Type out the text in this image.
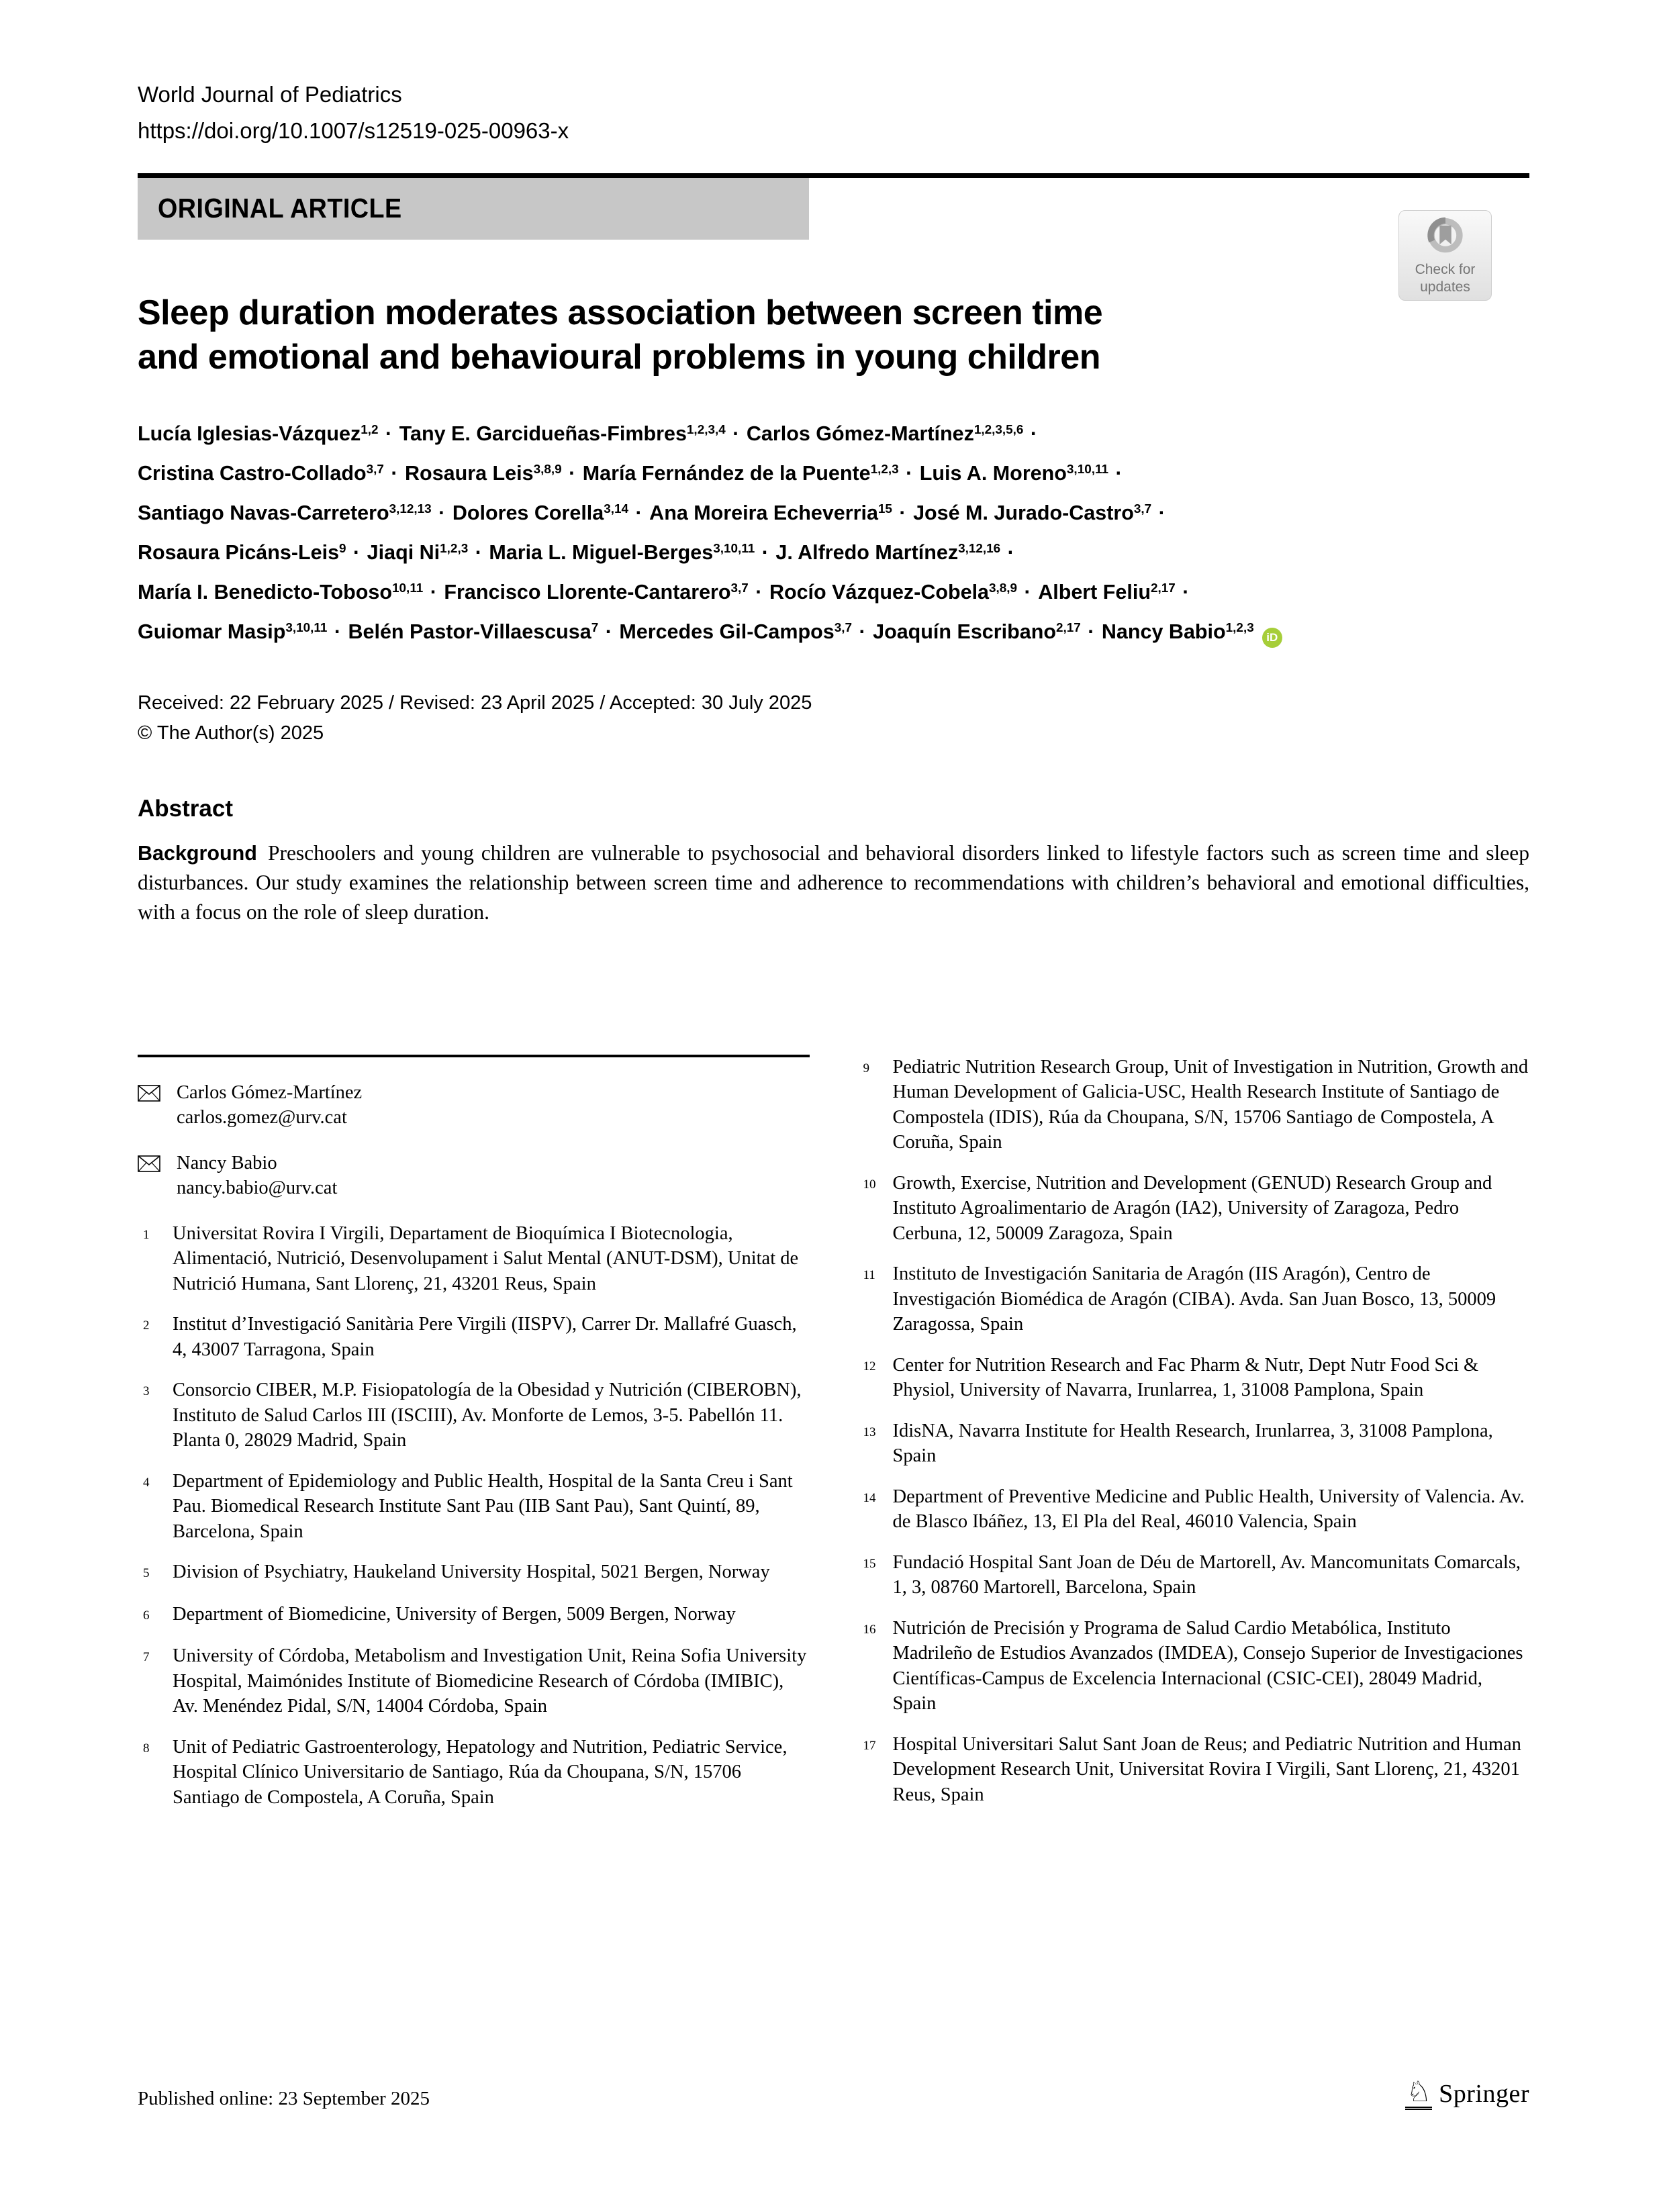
World Journal of Pediatrics
https://doi.org/10.1007/s12519-025-00963-x
ORIGINAL ARTICLE
Check for
updates
Sleep duration moderates association between screen time
and emotional and behavioural problems in young children
Lucía Iglesias-Vázquez$^{1,2}$ · Tany E. Garcidueñas-Fimbres$^{1,2,3,4}$ · Carlos Gómez-Martínez$^{1,2,3,5,6}$ ·
Cristina Castro-Collado$^{3,7}$ · Rosaura Leis$^{3,8,9}$ · María Fernández de la Puente$^{1,2,3}$ · Luis A. Moreno$^{3,10,11}$ ·
Santiago Navas-Carretero$^{3,12,13}$ · Dolores Corella$^{3,14}$ · Ana Moreira Echeverria$^{15}$ · José M. Jurado-Castro$^{3,7}$ ·
Rosaura Picáns-Leis$^9$ · Jiaqi Ni$^{1,2,3}$ · Maria L. Miguel-Berges$^{3,10,11}$ · J. Alfredo Martínez$^{3,12,16}$ ·
María I. Benedicto-Toboso$^{10,11}$ · Francisco Llorente-Cantarero$^{3,7}$ · Rocío Vázquez-Cobela$^{3,8,9}$ · Albert Feliu$^{2,17}$ ·
Guiomar Masip$^{3,10,11}$ · Belén Pastor-Villaescusa$^7$ · Mercedes Gil-Campos$^{3,7}$ · Joaquín Escribano$^{2,17}$ · Nancy Babio$^{1,2,3}$iD
Received: 22 February 2025 / Revised: 23 April 2025 / Accepted: 30 July 2025
© The Author(s) 2025
Abstract
Background Preschoolers and young children are vulnerable to psychosocial and behavioral disorders linked to lifestyle factors such as screen time and sleep disturbances. Our study examines the relationship between screen time and adherence to recommendations with children’s behavioral and emotional difficulties, with a focus on the role of sleep duration.
Carlos Gómez-Martínez
carlos.gomez@urv.cat
Nancy Babio
nancy.babio@urv.cat
1	Universitat Rovira I Virgili, Departament de Bioquímica I Biotecnologia, Alimentació, Nutrició, Desenvolupament i Salut Mental (ANUT-DSM), Unitat de Nutrició Humana, Sant Llorenç, 21, 43201 Reus, Spain
2	Institut d’Investigació Sanitària Pere Virgili (IISPV), Carrer Dr. Mallafré Guasch, 4, 43007 Tarragona, Spain
3	Consorcio CIBER, M.P. Fisiopatología de la Obesidad y Nutrición (CIBEROBN), Instituto de Salud Carlos III (ISCIII), Av. Monforte de Lemos, 3-5. Pabellón 11. Planta 0, 28029 Madrid, Spain
4	Department of Epidemiology and Public Health, Hospital de la Santa Creu i Sant Pau. Biomedical Research Institute Sant Pau (IIB Sant Pau), Sant Quintí, 89, Barcelona, Spain
5	Division of Psychiatry, Haukeland University Hospital, 5021 Bergen, Norway
6	Department of Biomedicine, University of Bergen, 5009 Bergen, Norway
7	University of Córdoba, Metabolism and Investigation Unit, Reina Sofia University Hospital, Maimónides Institute of Biomedicine Research of Córdoba (IMIBIC), Av. Menéndez Pidal, S/N, 14004 Córdoba, Spain
8	Unit of Pediatric Gastroenterology, Hepatology and Nutrition, Pediatric Service, Hospital Clínico Universitario de Santiago, Rúa da Choupana, S/N, 15706 Santiago de Compostela, A Coruña, Spain
9	Pediatric Nutrition Research Group, Unit of Investigation in Nutrition, Growth and Human Development of Galicia-USC, Health Research Institute of Santiago de Compostela (IDIS), Rúa da Choupana, S/N, 15706 Santiago de Compostela, A Coruña, Spain
10 Growth, Exercise, Nutrition and Development (GENUD) Research Group and Instituto Agroalimentario de Aragón (IA2), University of Zaragoza, Pedro Cerbuna, 12, 50009 Zaragoza, Spain
11 Instituto de Investigación Sanitaria de Aragón (IIS Aragón), Centro de Investigación Biomédica de Aragón (CIBA). Avda. San Juan Bosco, 13, 50009 Zaragossa, Spain
12 Center for Nutrition Research and Fac Pharm & Nutr, Dept Nutr Food Sci & Physiol, University of Navarra, Irunlarrea, 1, 31008 Pamplona, Spain
13 IdisNA, Navarra Institute for Health Research, Irunlarrea, 3, 31008 Pamplona, Spain
14 Department of Preventive Medicine and Public Health, University of Valencia. Av. de Blasco Ibáñez, 13, El Pla del Real, 46010 Valencia, Spain
15 Fundació Hospital Sant Joan de Déu de Martorell, Av. Mancomunitats Comarcals, 1, 3, 08760 Martorell, Barcelona, Spain
16 Nutrición de Precisión y Programa de Salud Cardio Metabólica, Instituto Madrileño de Estudios Avanzados (IMDEA), Consejo Superior de Investigaciones Científicas-Campus de Excelencia Internacional (CSIC-CEI), 28049 Madrid, Spain
17 Hospital Universitari Salut Sant Joan de Reus; and Pediatric Nutrition and Human Development Research Unit, Universitat Rovira I Virgili, Sant Llorenç, 21, 43201 Reus, Spain
Published online: 23 September 2025 ♘	Springer
